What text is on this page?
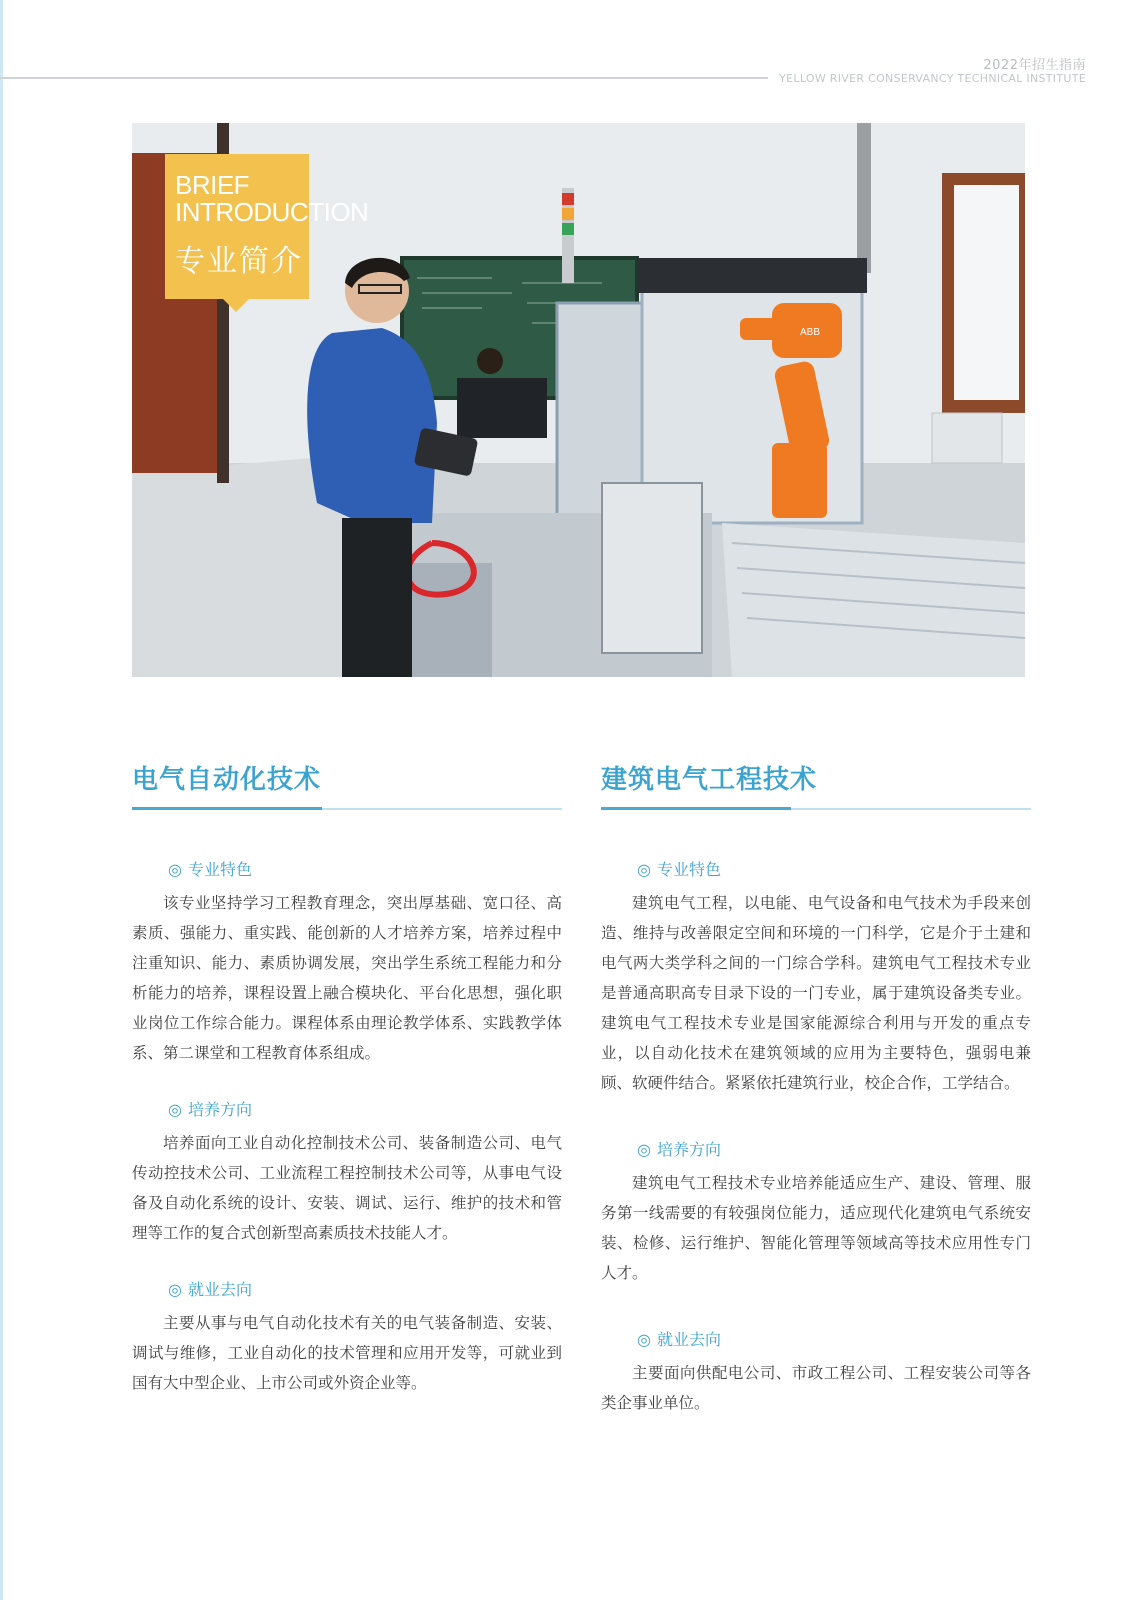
2022年招生指南
YELLOW RIVER CONSERVANCY TECHNICAL INSTITUTE
ABB
BRIEF
INTRODUCTION
专业简介
电气自动化技术

◎ 专业特色

该专业坚持学习工程教育理念，突出厚基础、宽口径、高素质、强能力、重实践、能创新的人才培养方案，培养过程中注重知识、能力、素质协调发展，突出学生系统工程能力和分析能力的培养，课程设置上融合模块化、平台化思想，强化职业岗位工作综合能力。课程体系由理论教学体系、实践教学体系、第二课堂和工程教育体系组成。

◎ 培养方向

培养面向工业自动化控制技术公司、装备制造公司、电气传动控技术公司、工业流程工程控制技术公司等，从事电气设备及自动化系统的设计、安装、调试、运行、维护的技术和管理等工作的复合式创新型高素质技术技能人才。

◎ 就业去向

主要从事与电气自动化技术有关的电气装备制造、安装、调试与维修，工业自动化的技术管理和应用开发等，可就业到国有大中型企业、上市公司或外资企业等。

建筑电气工程技术

◎ 专业特色

建筑电气工程，以电能、电气设备和电气技术为手段来创造、维持与改善限定空间和环境的一门科学，它是介于土建和电气两大类学科之间的一门综合学科。建筑电气工程技术专业是普通高职高专目录下设的一门专业，属于建筑设备类专业。建筑电气工程技术专业是国家能源综合利用与开发的重点专业，以自动化技术在建筑领域的应用为主要特色，强弱电兼顾、软硬件结合。紧紧依托建筑行业，校企合作，工学结合。

◎ 培养方向

建筑电气工程技术专业培养能适应生产、建设、管理、服务第一线需要的有较强岗位能力，适应现代化建筑电气系统安装、检修、运行维护、智能化管理等领域高等技术应用性专门人才。

◎ 就业去向

主要面向供配电公司、市政工程公司、工程安装公司等各类企事业单位。
